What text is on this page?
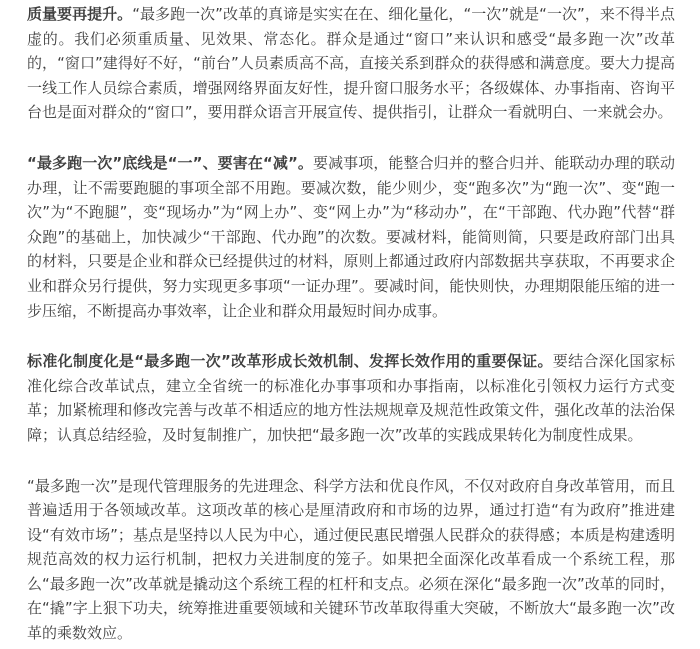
质量要再提升。“最多跑一次”改革的真谛是实实在在、细化量化，“一次”就是“一次”，来不得半点虚的。我们必须重质量、见效果、常态化。群众是通过“窗口”来认识和感受“最多跑一次”改革的，“窗口”建得好不好，“前台”人员素质高不高，直接关系到群众的获得感和满意度。要大力提高一线工作人员综合素质，增强网络界面友好性，提升窗口服务水平；各级媒体、办事指南、咨询平台也是面对群众的“窗口”，要用群众语言开展宣传、提供指引，让群众一看就明白、一来就会办。

“最多跑一次”底线是“一”、要害在“减”。要减事项，能整合归并的整合归并、能联动办理的联动办理，让不需要跑腿的事项全部不用跑。要减次数，能少则少，变“跑多次”为“跑一次”、变“跑一次”为“不跑腿”，变“现场办”为“网上办”、变“网上办”为“移动办”，在“干部跑、代办跑”代替“群众跑”的基础上，加快减少“干部跑、代办跑”的次数。要减材料，能简则简，只要是政府部门出具的材料，只要是企业和群众已经提供过的材料，原则上都通过政府内部数据共享获取，不再要求企业和群众另行提供，努力实现更多事项“一证办理”。要减时间，能快则快，办理期限能压缩的进一步压缩，不断提高办事效率，让企业和群众用最短时间办成事。

标准化制度化是“最多跑一次”改革形成长效机制、发挥长效作用的重要保证。要结合深化国家标准化综合改革试点，建立全省统一的标准化办事事项和办事指南，以标准化引领权力运行方式变革；加紧梳理和修改完善与改革不相适应的地方性法规规章及规范性政策文件，强化改革的法治保障；认真总结经验，及时复制推广，加快把“最多跑一次”改革的实践成果转化为制度性成果。

“最多跑一次”是现代管理服务的先进理念、科学方法和优良作风，不仅对政府自身改革管用，而且普遍适用于各领域改革。这项改革的核心是厘清政府和市场的边界，通过打造“有为政府”推进建设“有效市场”；基点是坚持以人民为中心，通过便民惠民增强人民群众的获得感；本质是构建透明规范高效的权力运行机制，把权力关进制度的笼子。如果把全面深化改革看成一个系统工程，那么“最多跑一次”改革就是撬动这个系统工程的杠杆和支点。必须在深化“最多跑一次”改革的同时，在“撬”字上狠下功夫，统筹推进重要领域和关键环节改革取得重大突破，不断放大“最多跑一次”改革的乘数效应。
